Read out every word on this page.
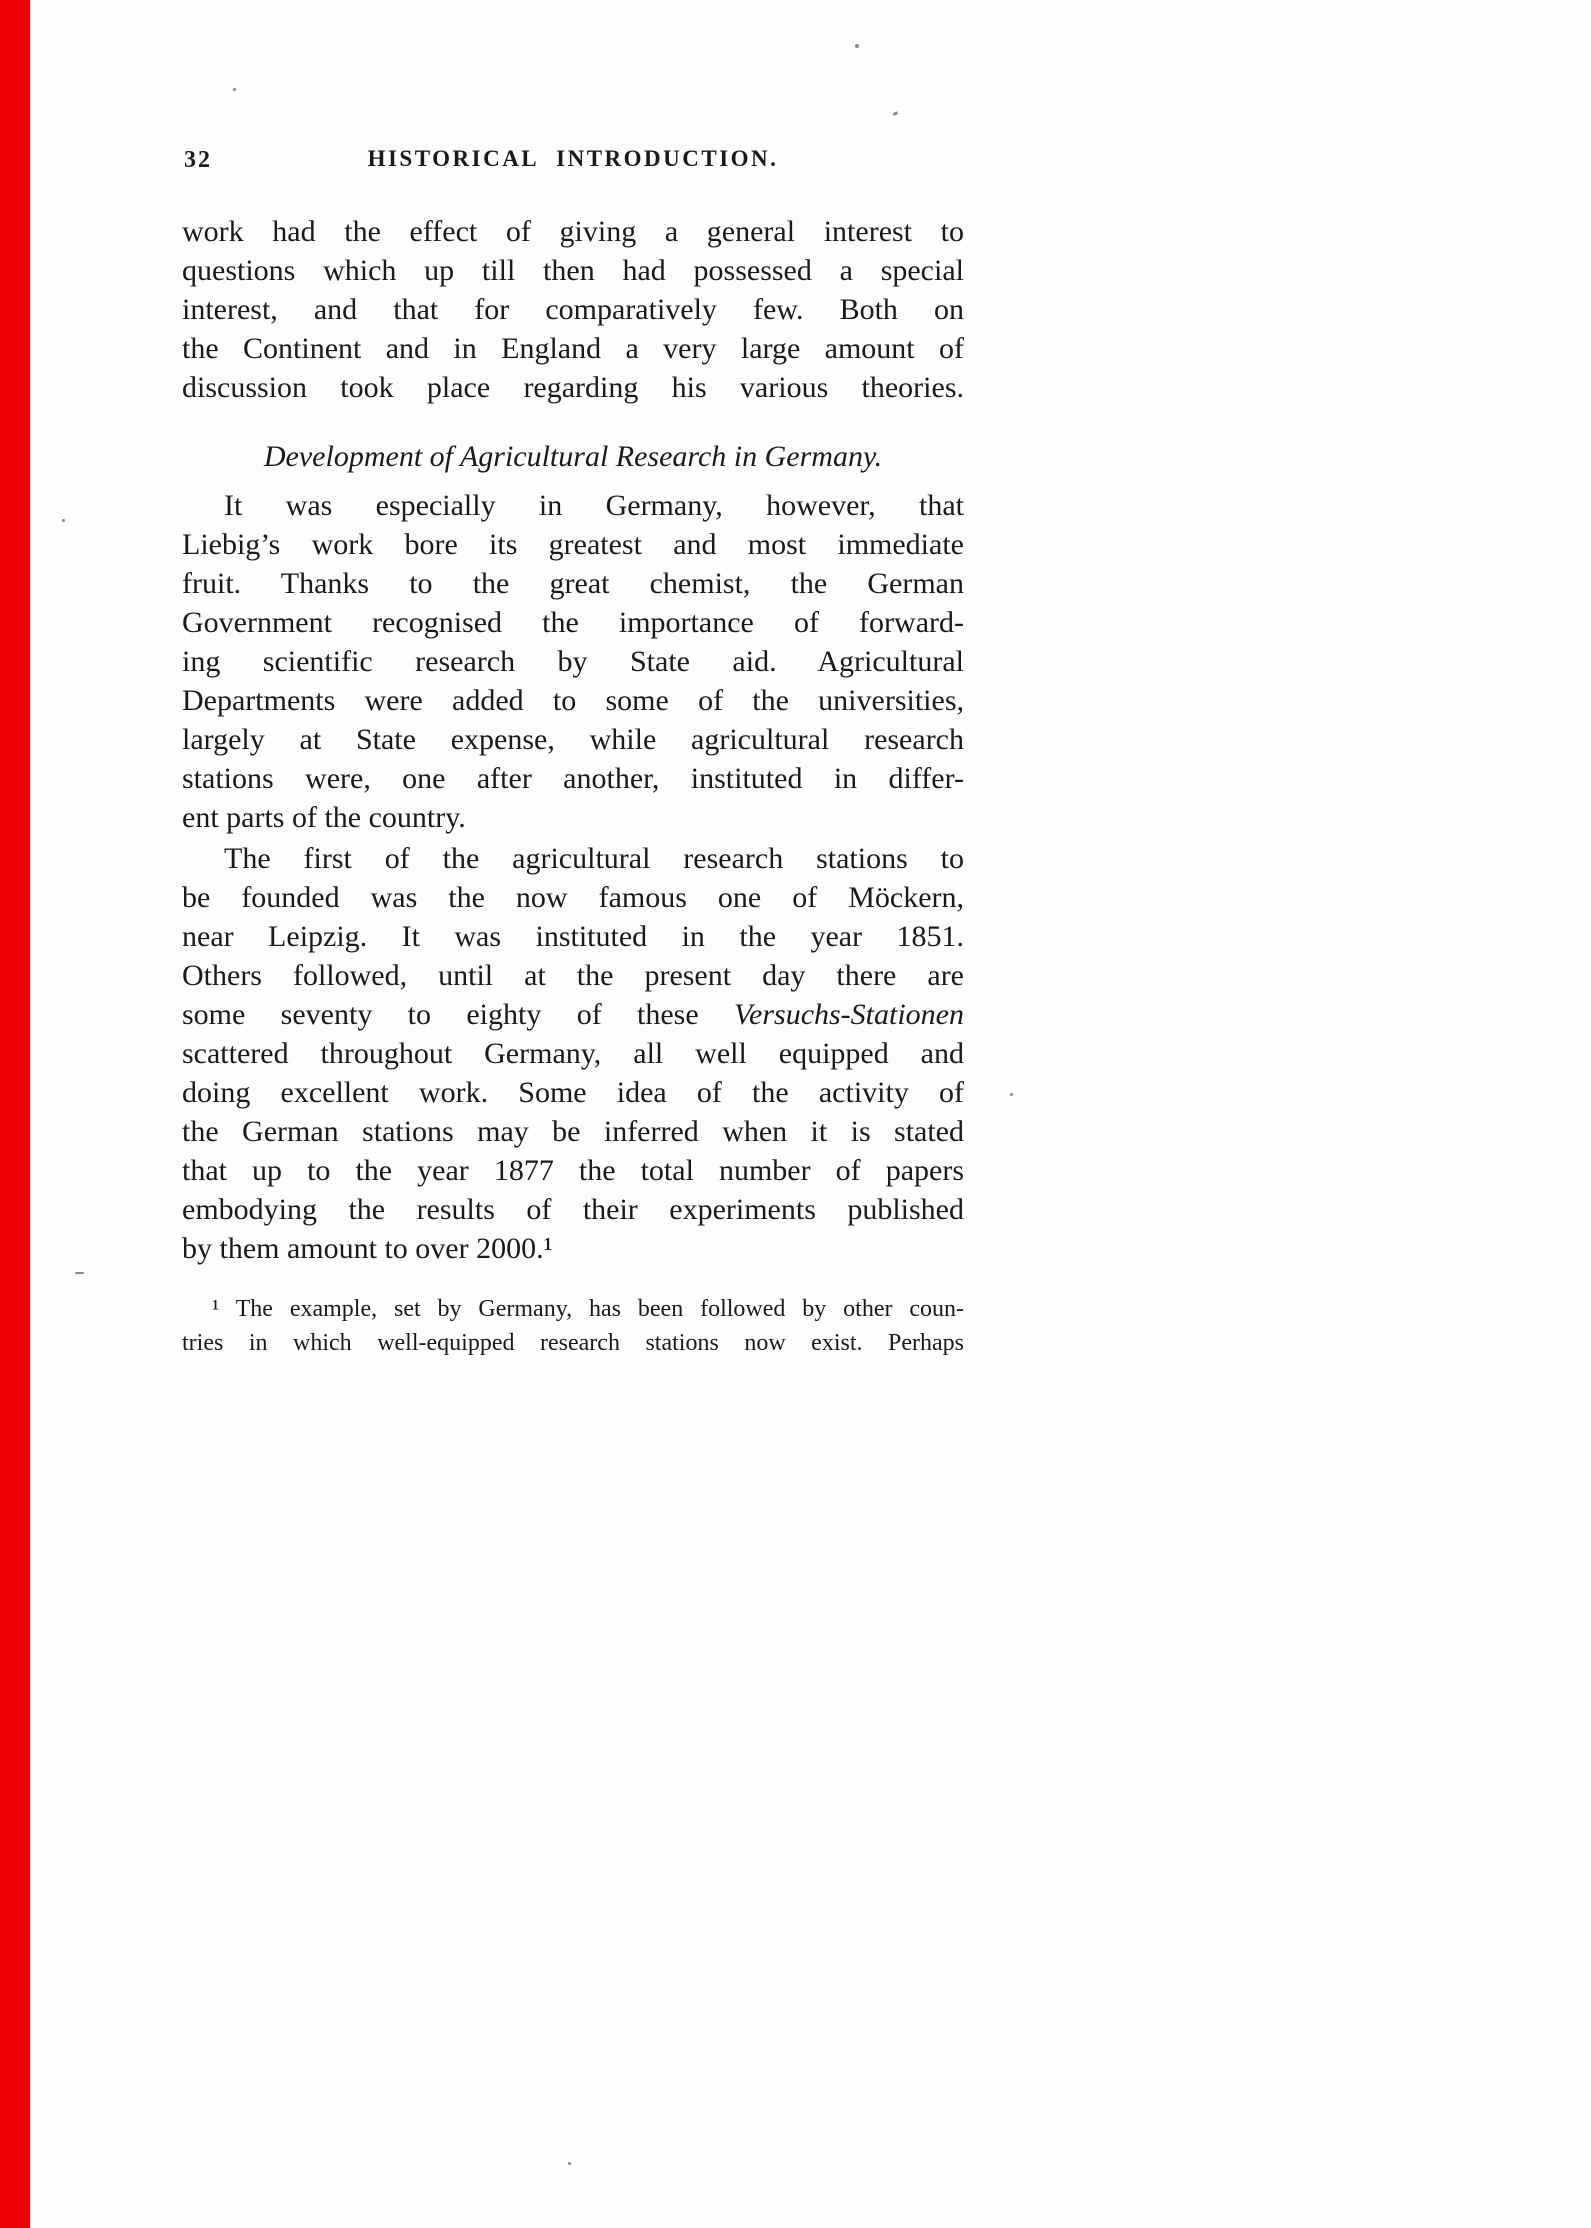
32	HISTORICAL INTRODUCTION.
work had the effect of giving a general interest to
questions which up till then had possessed a special
interest, and that for comparatively few. Both on
the Continent and in England a very large amount of
discussion took place regarding his various theories.
Development of Agricultural Research in Germany.
It was especially in Germany, however, that
Liebig’s work bore its greatest and most immediate
fruit. Thanks to the great chemist, the German
Government recognised the importance of forward-
ing scientific research by State aid. Agricultural
Departments were added to some of the universities,
largely at State expense, while agricultural research
stations were, one after another, instituted in differ-
ent parts of the country.
The first of the agricultural research stations to
be founded was the now famous one of Möckern,
near Leipzig. It was instituted in the year 1851.
Others followed, until at the present day there are
some seventy to eighty of these Versuchs-Stationen
scattered throughout Germany, all well equipped and
doing excellent work. Some idea of the activity of
the German stations may be inferred when it is stated
that up to the year 1877 the total number of papers
embodying the results of their experiments published
by them amount to over 2000.¹
¹ The example, set by Germany, has been followed by other coun-
tries in which well-equipped research stations now exist. Perhaps
